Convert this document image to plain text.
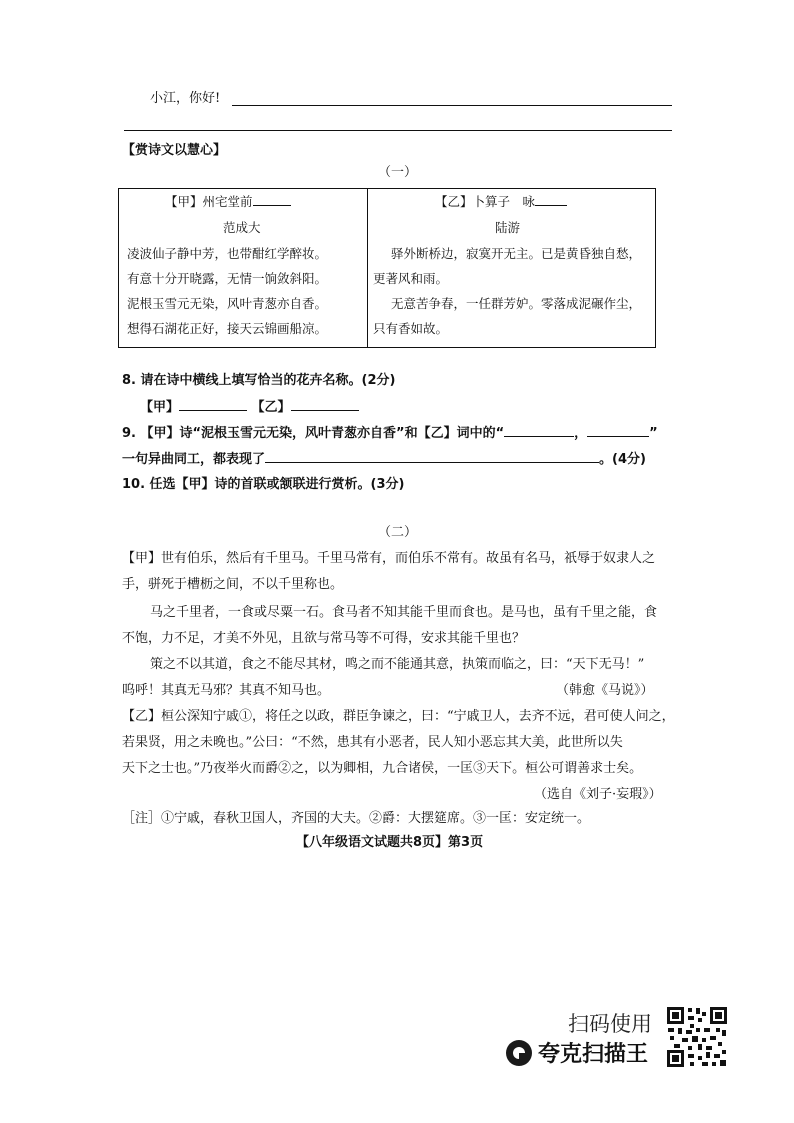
小江，你好!
【赏诗文以慧心】
（一）
【甲】州宅堂前
范成大
凌波仙子静中芳，也带酣红学醉妆。
有意十分开晓露，无情一饷敛斜阳。
泥根玉雪元无染，风叶青葱亦自香。
想得石湖花正好，接天云锦画船凉。
【乙】卜算子　咏
陆游
驿外断桥边，寂寞开无主。已是黄昏独自愁，
更著风和雨。
无意苦争春，一任群芳妒。零落成泥碾作尘，
只有香如故。
8. 请在诗中横线上填写恰当的花卉名称。(2分)
【甲】	【乙】
9. 【甲】诗“泥根玉雪元无染，风叶青葱亦自香”和【乙】词中的“	，	”
一句异曲同工，都表现了	。(4分)
10. 任选【甲】诗的首联或颔联进行赏析。(3分)
（二）
【甲】世有伯乐，然后有千里马。千里马常有，而伯乐不常有。故虽有名马，祇辱于奴隶人之
手，骈死于槽枥之间，不以千里称也。
马之千里者，一食或尽粟一石。食马者不知其能千里而食也。是马也，虽有千里之能，食
不饱，力不足，才美不外见，且欲与常马等不可得，安求其能千里也？
策之不以其道，食之不能尽其材，鸣之而不能通其意，执策而临之，曰：“天下无马！”
呜呼！其真无马邪？其真不知马也。	（韩愈《马说》）
【乙】桓公深知宁戚①，将任之以政，群臣争谏之，曰：“宁戚卫人，去齐不远，君可使人问之，
若果贤，用之未晚也。”公曰：“不然，患其有小恶者，民人知小恶忘其大美，此世所以失
天下之士也。”乃夜举火而爵②之，以为卿相，九合诸侯，一匡③天下。桓公可谓善求士矣。
（选自《刘子·妄瑕》）
［注］①宁戚，春秋卫国人，齐国的大夫。②爵：大摆筵席。③一匡：安定统一。
【八年级语文试题共8页】第3页
扫码使用
夸克扫描王
